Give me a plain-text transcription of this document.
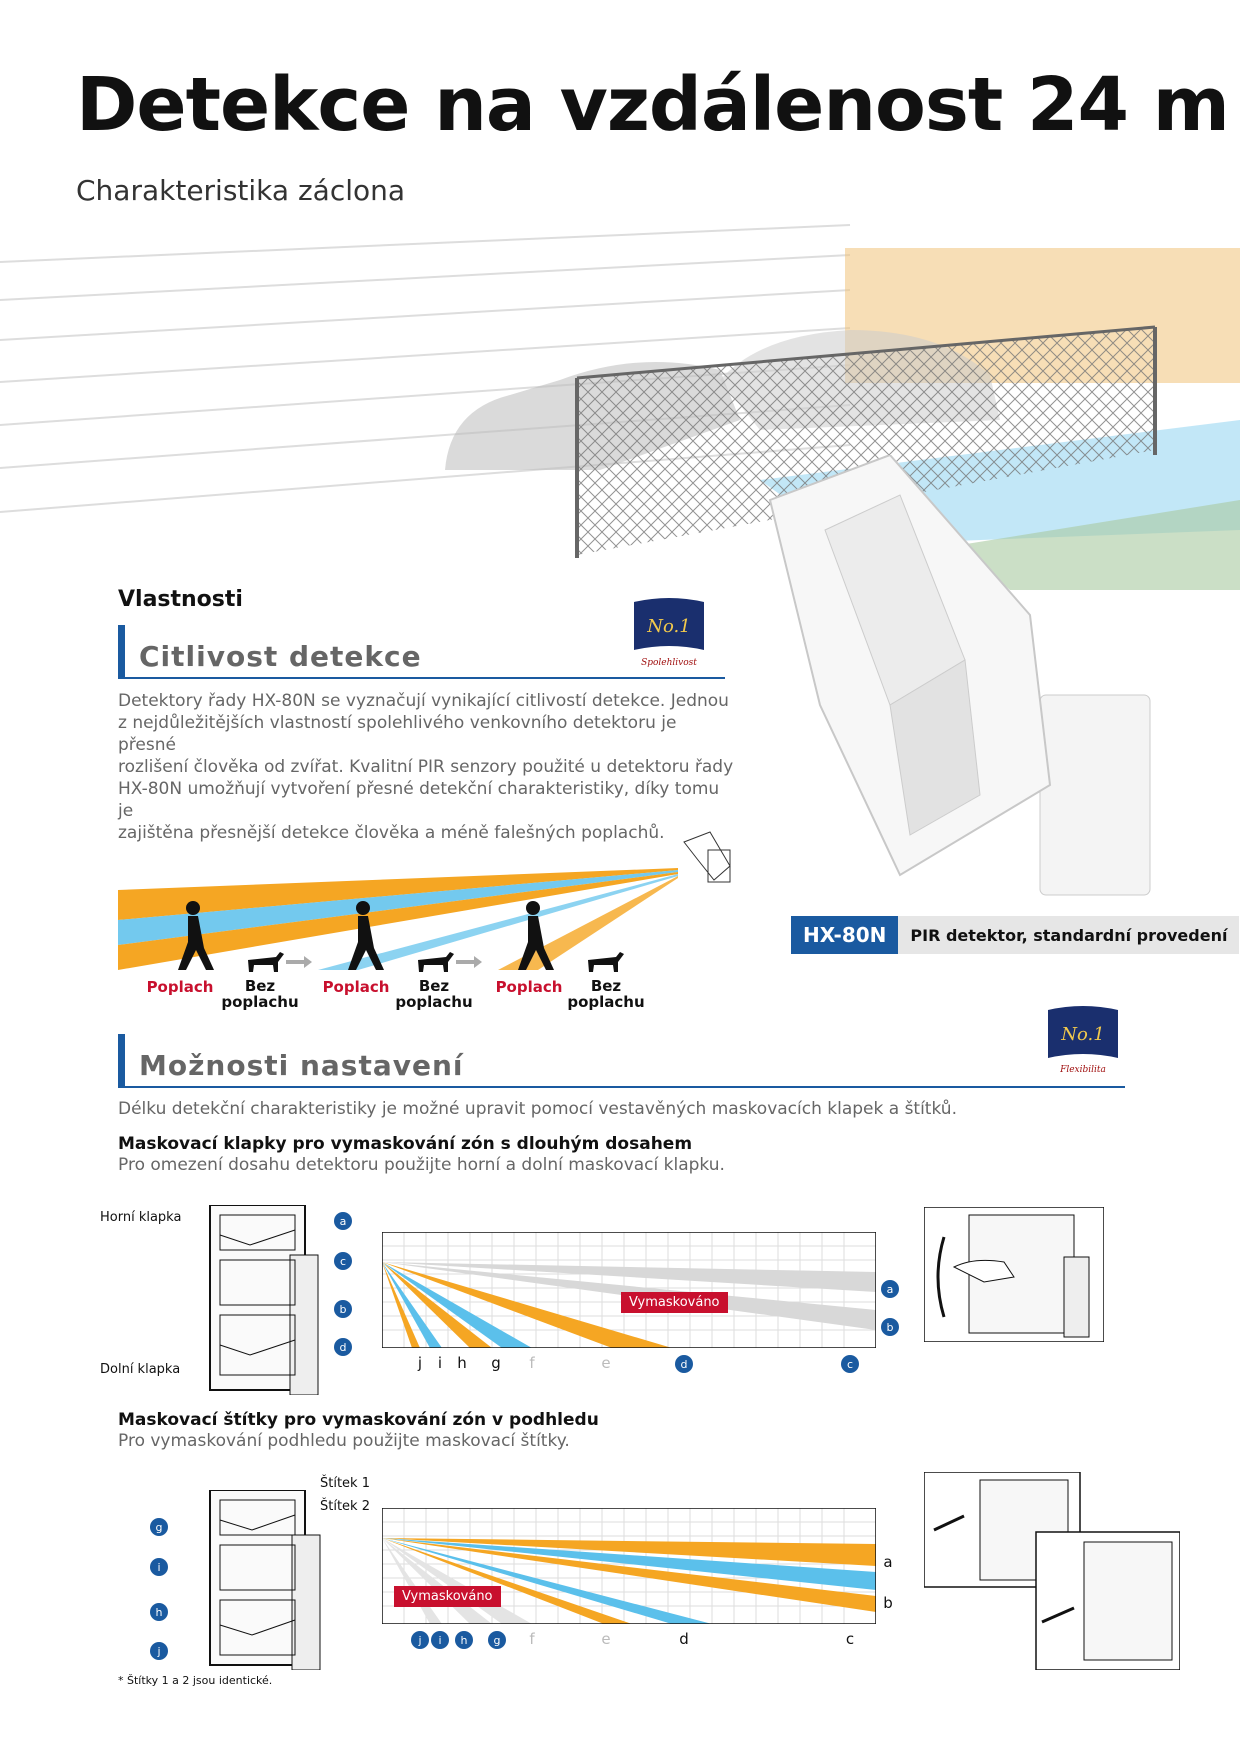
Detekce na vzdálenost 24 m
Charakteristika záclona
HX-80N	PIR detektor, standardní provedení
Vlastnosti
Citlivost detekce
No.1
Spolehlivost
Detektory řady HX-80N se vyznačují vynikající citlivostí detekce. Jednou
z nejdůležitějších vlastností spolehlivého venkovního detektoru je přesné
rozlišení člověka od zvířat. Kvalitní PIR senzory použité u detektoru řady
HX-80N umožňují vytvoření přesné detekční charakteristiky, díky tomu je
zajištěna přesnější detekce člověka a méně falešných poplachů.
Poplach	Bez
poplachu
Poplach	Bez
poplachu
Poplach	Bez
poplachu
Možnosti nastavení
No.1
Flexibilita
Délku detekční charakteristiky je možné upravit pomocí vestavěných maskovacích klapek a štítků.
Maskovací klapky pro vymaskování zón s dlouhým dosahem
Pro omezení dosahu detektoru použijte horní a dolní maskovací klapku.
Horní klapka
Dolní klapka
a
c
b
d
Vymaskováno
a
b
j	i	h g	f	e	d	c
Maskovací štítky pro vymaskování zón v podhledu
Pro vymaskování podhledu použijte maskovací štítky.
Štítek 1
Štítek 2
g
i
h
j
Vymaskováno
a
b
j	i	h	g	f	e	d	c
* Štítky 1 a 2 jsou identické.
